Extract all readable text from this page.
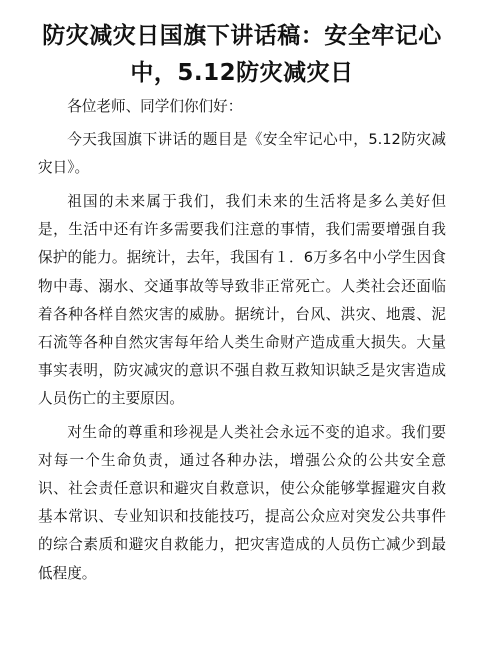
防灾减灾日国旗下讲话稿：安全牢记心中，5.12防灾减灾日

各位老师、同学们你们好：

今天我国旗下讲话的题目是《安全牢记心中，5.12防灾减灾日》。

祖国的未来属于我们，我们未来的生活将是多么美好但是，生活中还有许多需要我们注意的事情，我们需要增强自我保护的能力。据统计，去年，我国有１．6万多名中小学生因食物中毒、溺水、交通事故等导致非正常死亡。人类社会还面临着各种各样自然灾害的威胁。据统计，台风、洪灾、地震、泥石流等各种自然灾害每年给人类生命财产造成重大损失。大量事实表明，防灾减灾的意识不强自救互救知识缺乏是灾害造成人员伤亡的主要原因。

对生命的尊重和珍视是人类社会永远不变的追求。我们要对每一个生命负责，通过各种办法，增强公众的公共安全意识、社会责任意识和避灾自救意识，使公众能够掌握避灾自救基本常识、专业知识和技能技巧，提高公众应对突发公共事件的综合素质和避灾自救能力，把灾害造成的人员伤亡减少到最低程度。
